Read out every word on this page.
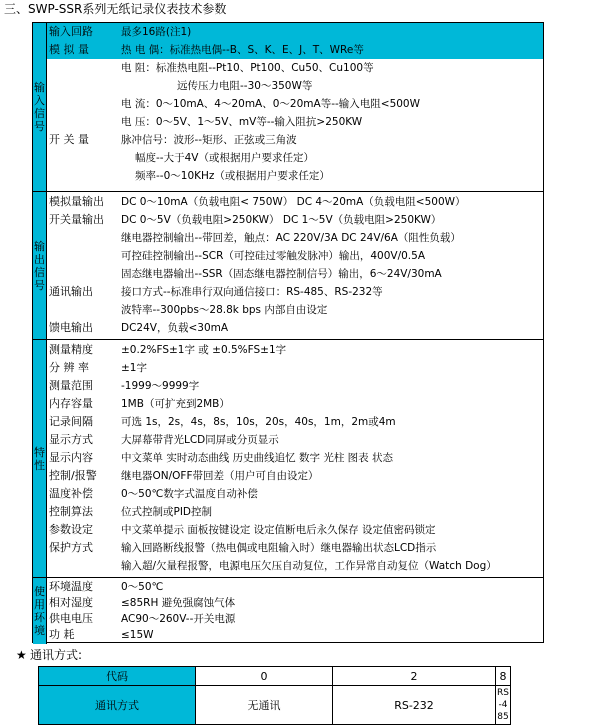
三、SWP-SSR系列无纸记录仪表技术参数
输入信号
输入回路	最多16路(注1)
模 拟 量	热 电 偶：标准热电偶--B、S、K、E、J、T、WRe等
电 阻：标准热电阻--Pt10、Pt100、Cu50、Cu100等
远传压力电阻--30～350W等
电 流：0～10mA、4～20mA、0～20mA等--输入电阻<500W
电 压：0～5V、1～5V、mV等--输入阻抗>250KW
开 关 量	脉冲信号：波形--矩形、正弦或三角波
幅度--大于4V（或根据用户要求任定）
频率--0～10KHz（或根据用户要求任定）
输出信号
模拟量输出	DC 0～10mA（负载电阻< 750W） DC 4～20mA（负载电阻<500W）
开关量输出	DC 0～5V（负载电阻>250KW） DC 1～5V（负载电阻>250KW）
继电器控制输出--带回差，触点：AC 220V/3A DC 24V/6A（阻性负载）
可控硅控制输出--SCR（可控硅过零触发脉冲）输出，400V/0.5A
固态继电器输出--SSR（固态继电器控制信号）输出，6～24V/30mA
通讯输出	接口方式--标准串行双向通信接口：RS-485、RS-232等
波特率--300pbs～28.8k bps 内部自由设定
馈电输出	DC24V，负载<30mA
特性
测量精度	±0.2%FS±1字 或 ±0.5%FS±1字
分 辨 率	±1字
测量范围	-1999～9999字
内存容量	1MB（可扩充到2MB）
记录间隔	可选 1s，2s，4s，8s，10s，20s，40s，1m，2m或4m
显示方式	大屏幕带背光LCD同屏或分页显示
显示内容	中文菜单 实时动态曲线 历史曲线追忆 数字 光柱 图表 状态
控制/报警	继电器ON/OFF带回差（用户可自由设定）
温度补偿	0～50℃数字式温度自动补偿
控制算法	位式控制或PID控制
参数设定	中文菜单提示 面板按键设定 设定值断电后永久保存 设定值密码锁定
保护方式	输入回路断线报警（热电偶或电阻输入时）继电器输出状态LCD指示
输入超/欠量程报警，电源电压欠压自动复位，工作异常自动复位（Watch Dog）
使用环境
环境温度	0～50℃
相对湿度	≤85RH 避免强腐蚀气体
供电电压	AC90～260V--开关电源
功 耗	≤15W
★ 通讯方式:
代码	0	2	8
通讯方式	无通讯	RS-232	RS-485
